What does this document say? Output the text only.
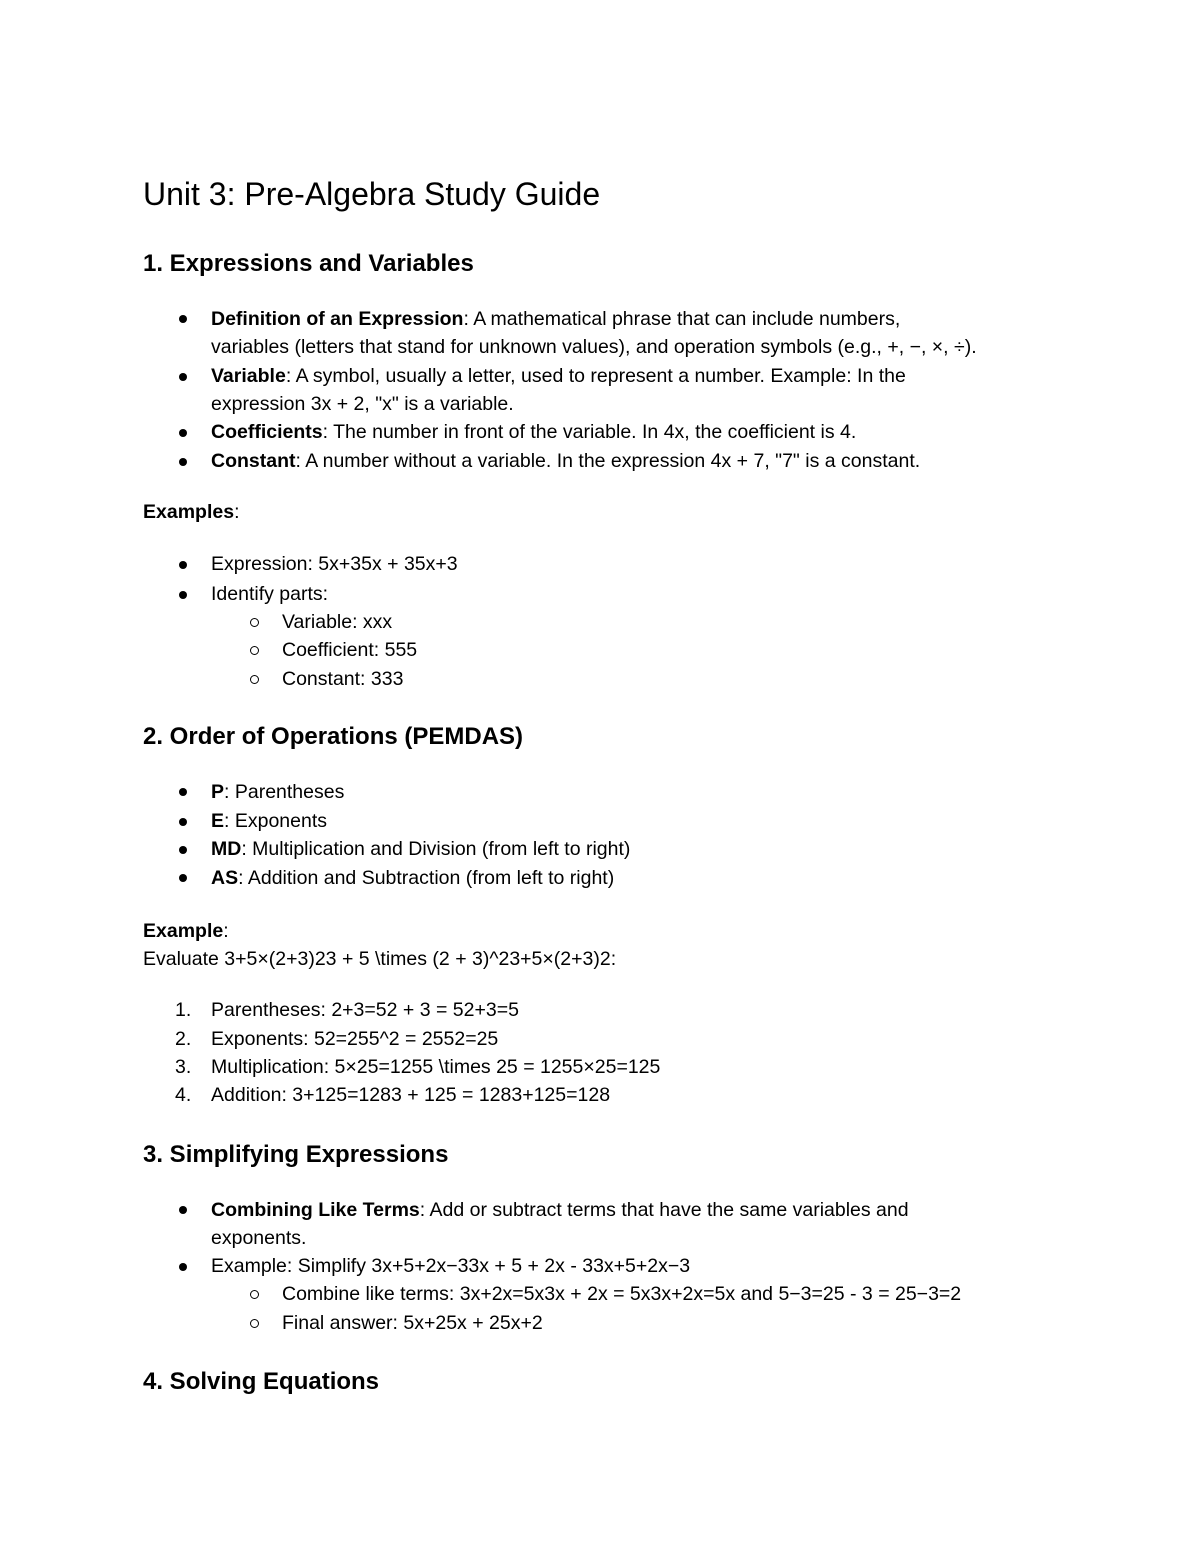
Unit 3: Pre-Algebra Study Guide
1. Expressions and Variables
Definition of an Expression: A mathematical phrase that can include numbers,
variables (letters that stand for unknown values), and operation symbols (e.g., +, −, ×, ÷).
Variable: A symbol, usually a letter, used to represent a number. Example: In the
expression 3x + 2, "x" is a variable.
Coefficients: The number in front of the variable. In 4x, the coefficient is 4.
Constant: A number without a variable. In the expression 4x + 7, "7" is a constant.
Examples:
Expression: 5x+35x + 35x+3
Identify parts:
Variable: xxx
Coefficient: 555
Constant: 333
2. Order of Operations (PEMDAS)
P: Parentheses
E: Exponents
MD: Multiplication and Division (from left to right)
AS: Addition and Subtraction (from left to right)
Example:
Evaluate 3+5×(2+3)23 + 5 \times (2 + 3)^23+5×(2+3)2:
1. Parentheses: 2+3=52 + 3 = 52+3=5
2. Exponents: 52=255^2 = 2552=25
3. Multiplication: 5×25=1255 \times 25 = 1255×25=125
4. Addition: 3+125=1283 + 125 = 1283+125=128
3. Simplifying Expressions
Combining Like Terms: Add or subtract terms that have the same variables and
exponents.
Example: Simplify 3x+5+2x−33x + 5 + 2x - 33x+5+2x−3
Combine like terms: 3x+2x=5x3x + 2x = 5x3x+2x=5x and 5−3=25 - 3 = 25−3=2
Final answer: 5x+25x + 25x+2
4. Solving Equations
